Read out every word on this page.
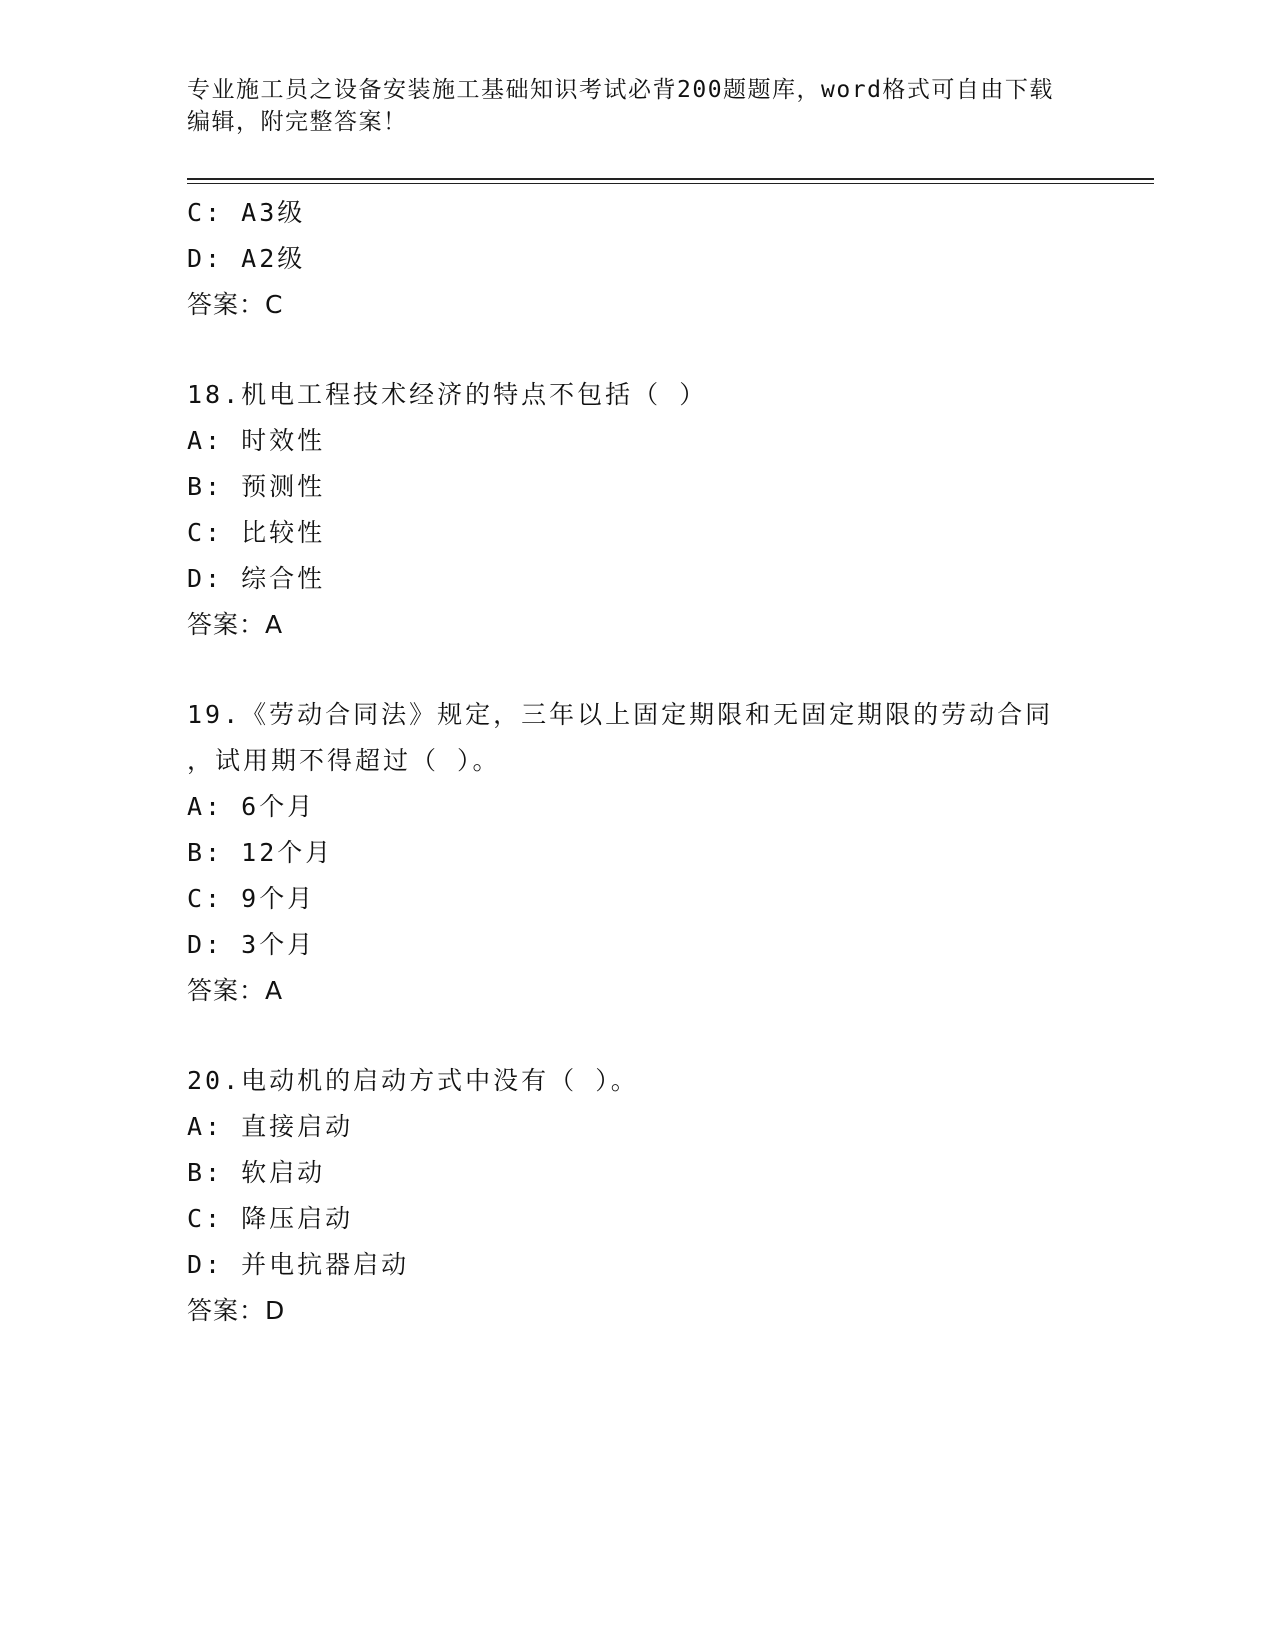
专业施工员之设备安装施工基础知识考试必背200题题库，word格式可自由下载
编辑，附完整答案！
C: A3级
D: A2级
答案：C
18.机电工程技术经济的特点不包括（ ）
A: 时效性
B: 预测性
C: 比较性
D: 综合性
答案：A
19.《劳动合同法》规定，三年以上固定期限和无固定期限的劳动合同
，试用期不得超过（ ）。
A: 6个月
B: 12个月
C: 9个月
D: 3个月
答案：A
20.电动机的启动方式中没有（ ）。
A: 直接启动
B: 软启动
C: 降压启动
D: 并电抗器启动
答案：D
